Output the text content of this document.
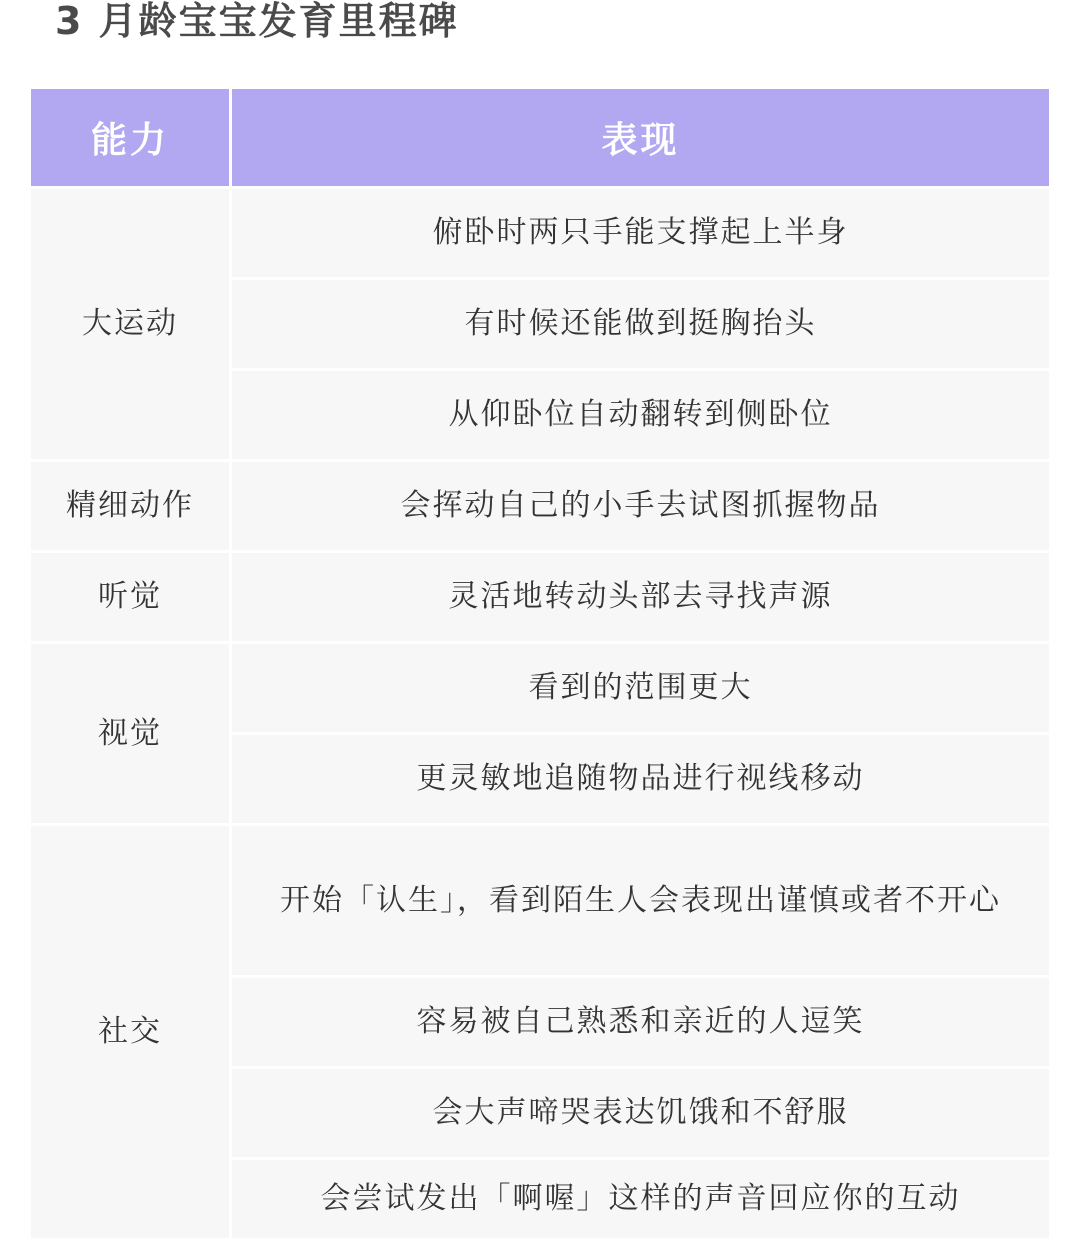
3 月龄宝宝发育里程碑
能力	表现
大运动	俯卧时两只手能支撑起上半身
	有时候还能做到挺胸抬头
	从仰卧位自动翻转到侧卧位
精细动作	会挥动自己的小手去试图抓握物品
听觉	灵活地转动头部去寻找声源
视觉	看到的范围更大
	更灵敏地追随物品进行视线移动
社交	开始「认生」，看到陌生人会表现出谨慎或者不开心
	容易被自己熟悉和亲近的人逗笑
	会大声啼哭表达饥饿和不舒服
	会尝试发出「啊喔」这样的声音回应你的互动
